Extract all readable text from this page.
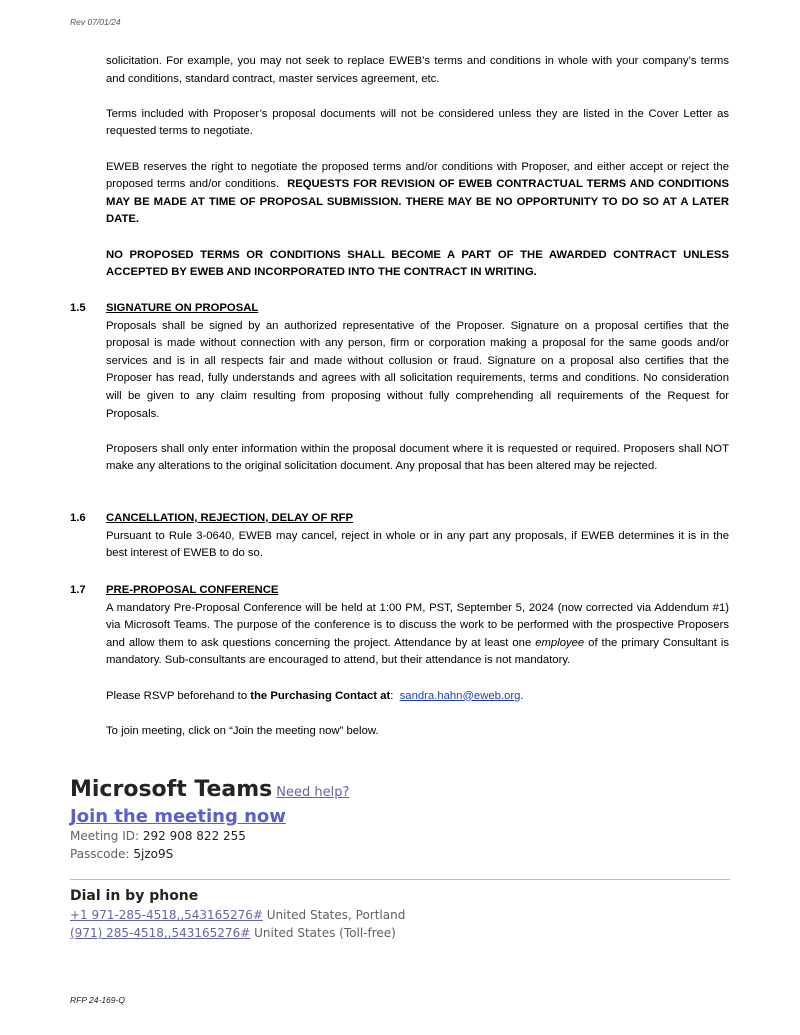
Rev 07/01/24

solicitation. For example, you may not seek to replace EWEB’s terms and conditions in whole with your company’s terms and conditions, standard contract, master services agreement, etc.

Terms included with Proposer’s proposal documents will not be considered unless they are listed in the Cover Letter as requested terms to negotiate.

EWEB reserves the right to negotiate the proposed terms and/or conditions with Proposer, and either accept or reject the proposed terms and/or conditions. REQUESTS FOR REVISION OF EWEB CONTRACTUAL TERMS AND CONDITIONS MAY BE MADE AT TIME OF PROPOSAL SUBMISSION. THERE MAY BE NO OPPORTUNITY TO DO SO AT A LATER DATE.

NO PROPOSED TERMS OR CONDITIONS SHALL BECOME A PART OF THE AWARDED CONTRACT UNLESS ACCEPTED BY EWEB AND INCORPORATED INTO THE CONTRACT IN WRITING.

1.5 SIGNATURE ON PROPOSAL

Proposals shall be signed by an authorized representative of the Proposer. Signature on a proposal certifies that the proposal is made without connection with any person, firm or corporation making a proposal for the same goods and/or services and is in all respects fair and made without collusion or fraud. Signature on a proposal also certifies that the Proposer has read, fully understands and agrees with all solicitation requirements, terms and conditions. No consideration will be given to any claim resulting from proposing without fully comprehending all requirements of the Request for Proposals.

Proposers shall only enter information within the proposal document where it is requested or required. Proposers shall NOT make any alterations to the original solicitation document. Any proposal that has been altered may be rejected.

1.6 CANCELLATION, REJECTION, DELAY OF RFP

Pursuant to Rule 3-0640, EWEB may cancel, reject in whole or in any part any proposals, if EWEB determines it is in the best interest of EWEB to do so.

1.7 PRE-PROPOSAL CONFERENCE

A mandatory Pre-Proposal Conference will be held at 1:00 PM, PST, September 5, 2024 (now corrected via Addendum #1) via Microsoft Teams. The purpose of the conference is to discuss the work to be performed with the prospective Proposers and allow them to ask questions concerning the project. Attendance by at least one employee of the primary Consultant is mandatory. Sub-consultants are encouraged to attend, but their attendance is not mandatory.

Please RSVP beforehand to the Purchasing Contact at: sandra.hahn@eweb.org.

To join meeting, click on “Join the meeting now” below.

Microsoft Teams Need help?
Join the meeting now
Meeting ID: 292 908 822 255
Passcode: 5jzo9S
Dial in by phone
+1 971-285-4518,,543165276# United States, Portland
(971) 285-4518,,543165276# United States (Toll-free)
RFP 24-169-Q
